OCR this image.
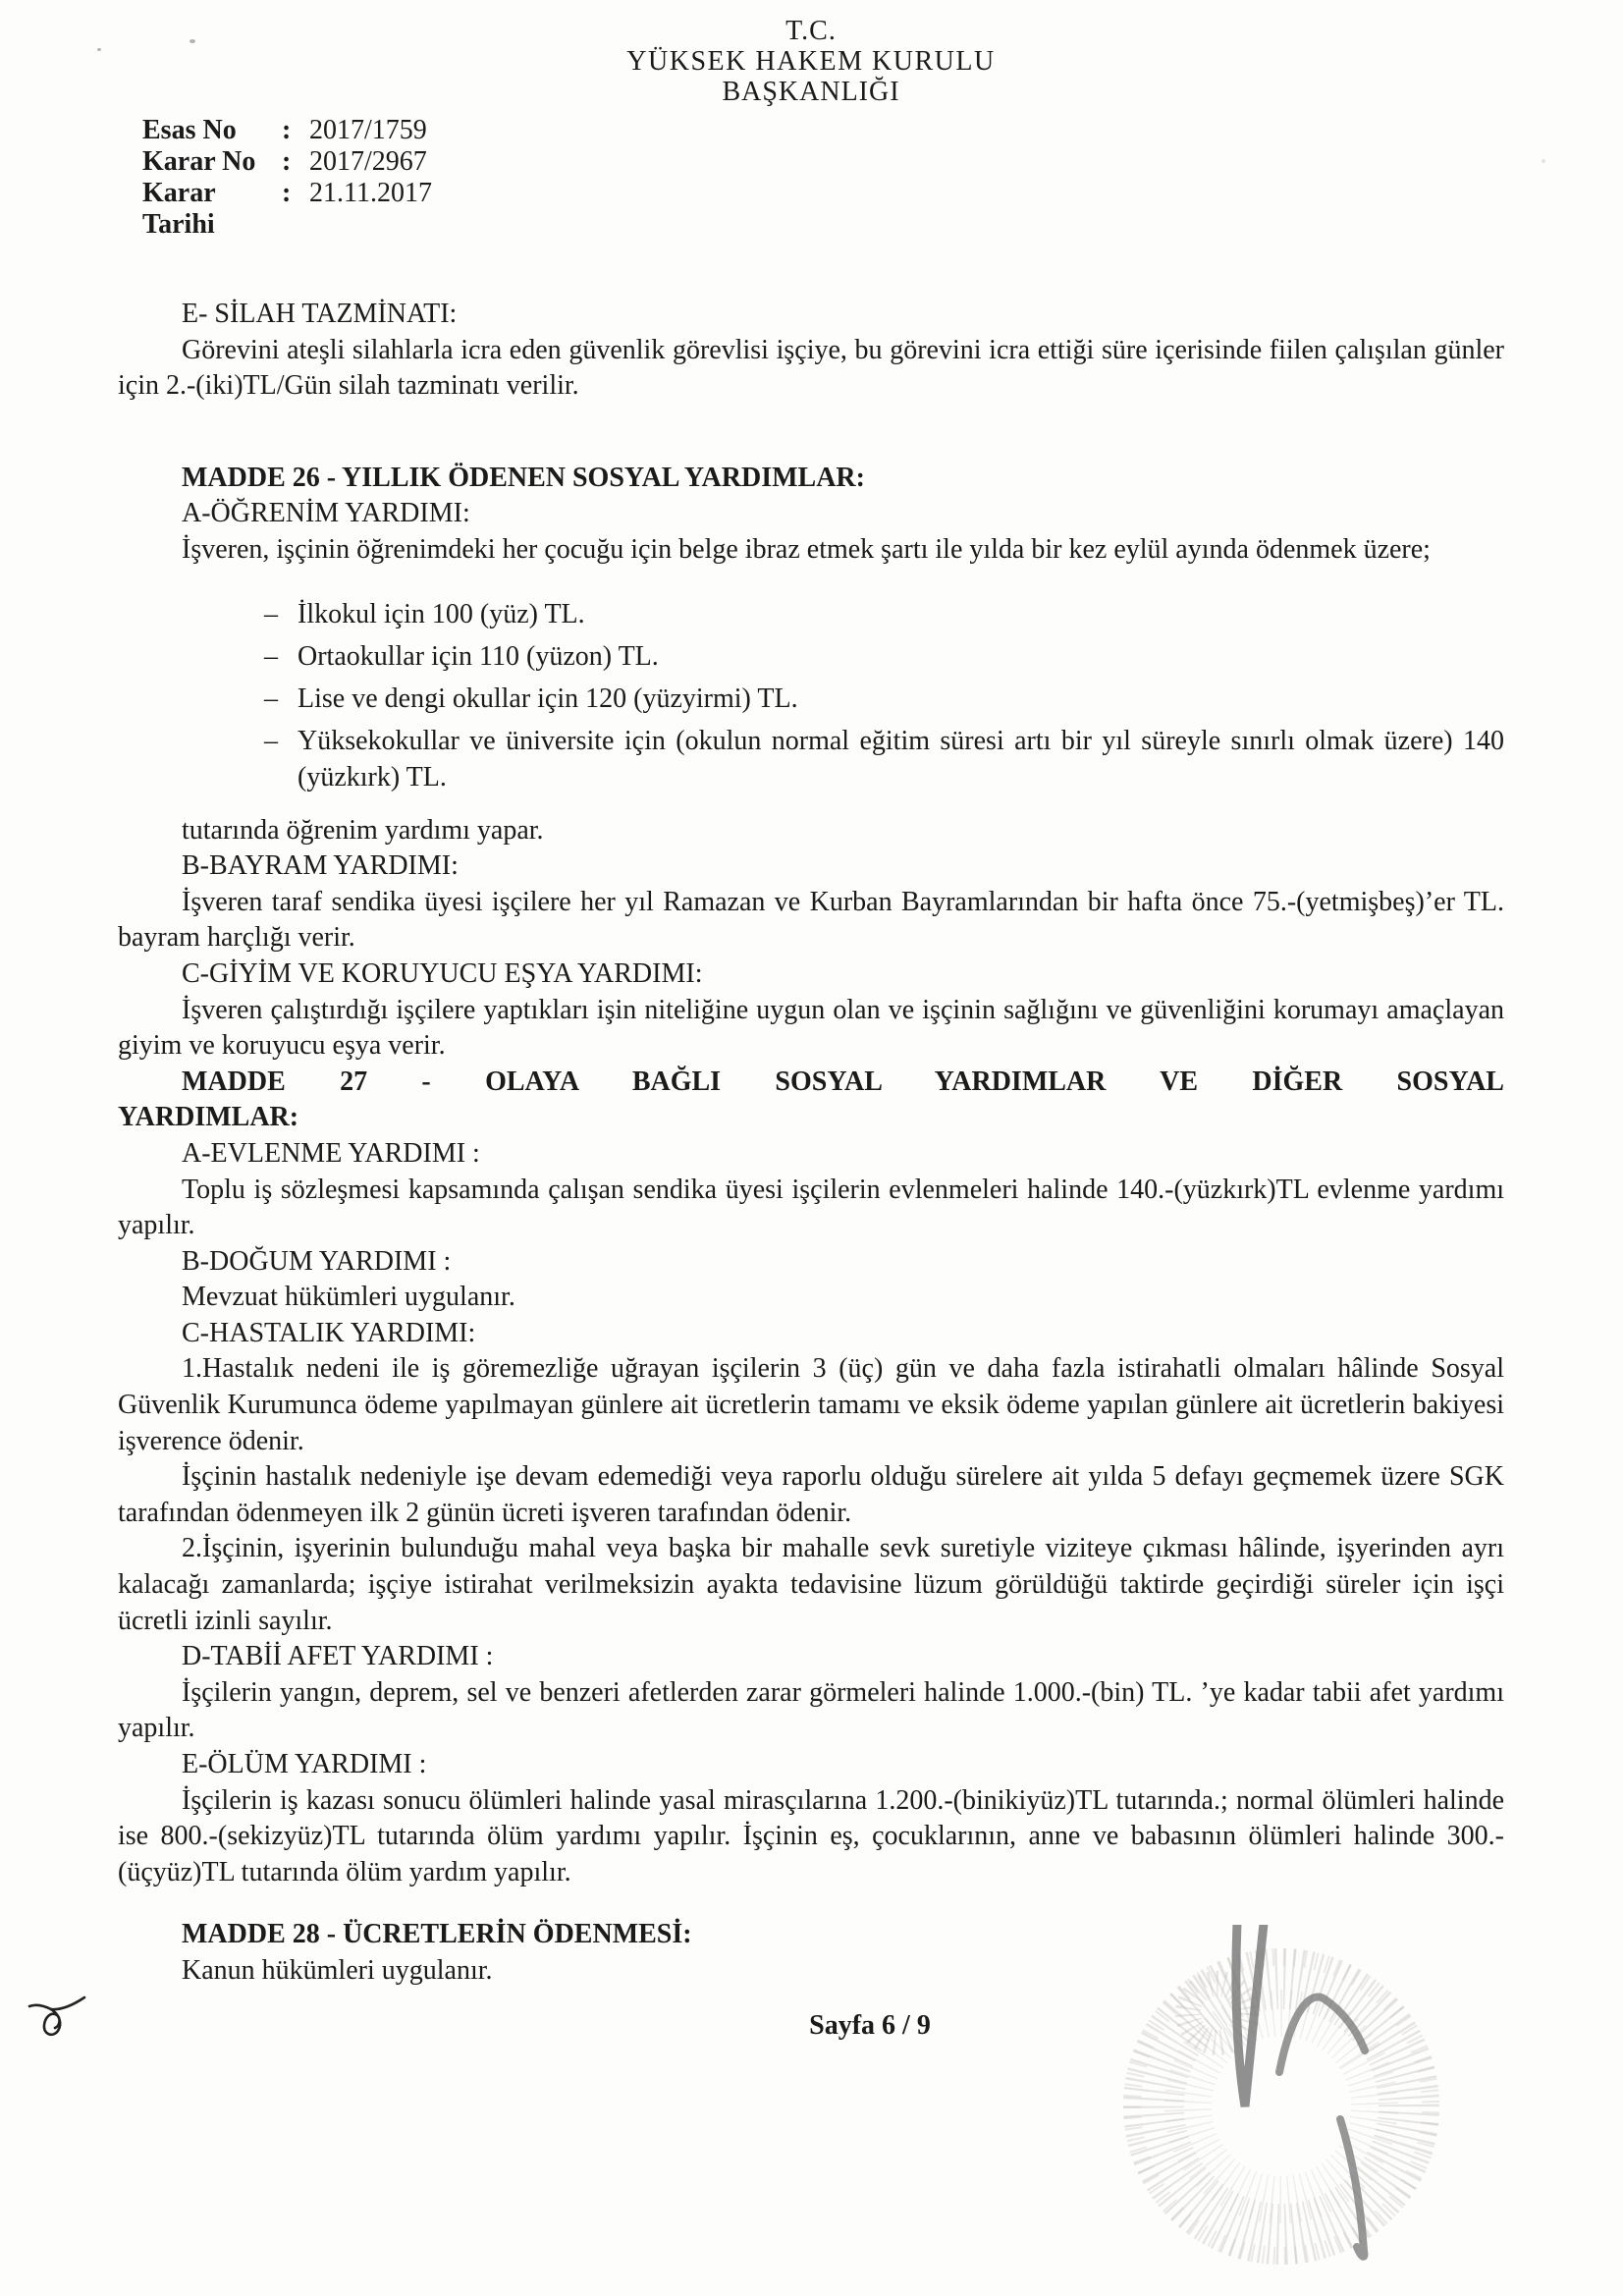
T.C.
YÜKSEK HAKEM KURULU
BAŞKANLIĞI
Esas No	: 2017/1759
Karar No : 2017/2967
Karar Tarihi
: 21.11.2017

E- SİLAH TAZMİNATI:

Görevini ateşli silahlarla icra eden güvenlik görevlisi işçiye, bu görevini icra ettiği süre içerisinde fiilen çalışılan günler için 2.-(iki)TL/Gün silah tazminatı verilir.

MADDE 26 - YILLIK ÖDENEN SOSYAL YARDIMLAR:

A-ÖĞRENİM YARDIMI:

İşveren, işçinin öğrenimdeki her çocuğu için belge ibraz etmek şartı ile yılda bir kez eylül ayında ödenmek üzere;

– İlkokul için 100 (yüz) TL.
– Ortaokullar için 110 (yüzon) TL.
– Lise ve dengi okullar için 120 (yüzyirmi) TL.
– Yüksekokullar ve üniversite için (okulun normal eğitim süresi artı bir yıl süreyle sınırlı olmak üzere) 140 (yüzkırk) TL.

tutarında öğrenim yardımı yapar.

B-BAYRAM YARDIMI:

İşveren taraf sendika üyesi işçilere her yıl Ramazan ve Kurban Bayramlarından bir hafta önce 75.-(yetmişbeş)’er TL. bayram harçlığı verir.

C-GİYİM VE KORUYUCU EŞYA YARDIMI:

İşveren çalıştırdığı işçilere yaptıkları işin niteliğine uygun olan ve işçinin sağlığını ve güvenliğini korumayı amaçlayan giyim ve koruyucu eşya verir.

MADDE 27 - OLAYA BAĞLI SOSYAL YARDIMLAR VE DİĞER SOSYAL

YARDIMLAR:

A-EVLENME YARDIMI :

Toplu iş sözleşmesi kapsamında çalışan sendika üyesi işçilerin evlenmeleri halinde 140.-(yüzkırk)TL evlenme yardımı yapılır.

B-DOĞUM YARDIMI :

Mevzuat hükümleri uygulanır.

C-HASTALIK YARDIMI:

1.Hastalık nedeni ile iş göremezliğe uğrayan işçilerin 3 (üç) gün ve daha fazla istirahatli olmaları hâlinde Sosyal Güvenlik Kurumunca ödeme yapılmayan günlere ait ücretlerin tamamı ve eksik ödeme yapılan günlere ait ücretlerin bakiyesi işverence ödenir.

İşçinin hastalık nedeniyle işe devam edemediği veya raporlu olduğu sürelere ait yılda 5 defayı geçmemek üzere SGK tarafından ödenmeyen ilk 2 günün ücreti işveren tarafından ödenir.

2.İşçinin, işyerinin bulunduğu mahal veya başka bir mahalle sevk suretiyle viziteye çıkması hâlinde, işyerinden ayrı kalacağı zamanlarda; işçiye istirahat verilmeksizin ayakta tedavisine lüzum görüldüğü taktirde geçirdiği süreler için işçi ücretli izinli sayılır.

D-TABİİ AFET YARDIMI :

İşçilerin yangın, deprem, sel ve benzeri afetlerden zarar görmeleri halinde 1.000.-(bin) TL. ’ye kadar tabii afet yardımı yapılır.

E-ÖLÜM YARDIMI :

İşçilerin iş kazası sonucu ölümleri halinde yasal mirasçılarına 1.200.-(binikiyüz)TL tutarında.; normal ölümleri halinde ise 800.-(sekizyüz)TL tutarında ölüm yardımı yapılır. İşçinin eş, çocuklarının, anne ve babasının ölümleri halinde 300.-(üçyüz)TL tutarında ölüm yardım yapılır.

MADDE 28 - ÜCRETLERİN ÖDENMESİ:

Kanun hükümleri uygulanır.

Sayfa 6 / 9
